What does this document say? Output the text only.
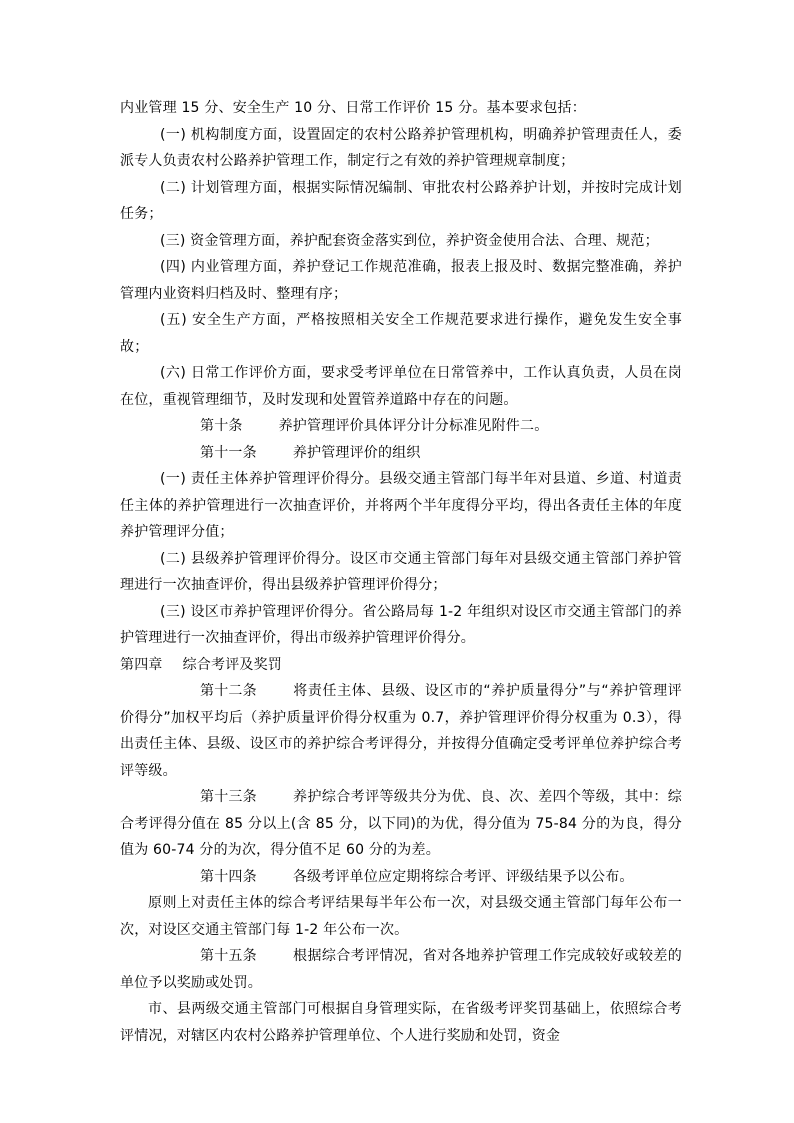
内业管理 15 分、安全生产 10 分、日常工作评价 15 分。基本要求包括：

(一) 机构制度方面，设置固定的农村公路养护管理机构，明确养护管理责任人，委派专人负责农村公路养护管理工作，制定行之有效的养护管理规章制度；

(二) 计划管理方面，根据实际情况编制、审批农村公路养护计划，并按时完成计划任务；

(三) 资金管理方面，养护配套资金落实到位，养护资金使用合法、合理、规范；

(四) 内业管理方面，养护登记工作规范准确，报表上报及时、数据完整准确，养护管理内业资料归档及时、整理有序；

(五) 安全生产方面，严格按照相关安全工作规范要求进行操作，避免发生安全事故；

(六) 日常工作评价方面，要求受考评单位在日常管养中，工作认真负责，人员在岗在位，重视管理细节，及时发现和处置管养道路中存在的问题。

第十条	养护管理评价具体评分计分标准见附件二。

第十一条	养护管理评价的组织

(一) 责任主体养护管理评价得分。县级交通主管部门每半年对县道、乡道、村道责任主体的养护管理进行一次抽查评价，并将两个半年度得分平均，得出各责任主体的年度养护管理评分值；

(二) 县级养护管理评价得分。设区市交通主管部门每年对县级交通主管部门养护管理进行一次抽查评价，得出县级养护管理评价得分；

(三) 设区市养护管理评价得分。省公路局每 1-2 年组织对设区市交通主管部门的养护管理进行一次抽查评价，得出市级养护管理评价得分。

第四章 综合考评及奖罚

第十二条	将责任主体、县级、设区市的“养护质量得分”与“养护管理评价得分”加权平均后（养护质量评价得分权重为 0.7，养护管理评价得分权重为 0.3），得出责任主体、县级、设区市的养护综合考评得分，并按得分值确定受考评单位养护综合考评等级。

第十三条	养护综合考评等级共分为优、良、次、差四个等级，其中：综合考评得分值在 85 分以上(含 85 分，以下同)的为优，得分值为 75-84 分的为良，得分值为 60-74 分的为次，得分值不足 60 分的为差。

第十四条	各级考评单位应定期将综合考评、评级结果予以公布。

原则上对责任主体的综合考评结果每半年公布一次，对县级交通主管部门每年公布一次，对设区交通主管部门每 1-2 年公布一次。

第十五条	根据综合考评情况，省对各地养护管理工作完成较好或较差的单位予以奖励或处罚。

市、县两级交通主管部门可根据自身管理实际，在省级考评奖罚基础上，依照综合考评情况，对辖区内农村公路养护管理单位、个人进行奖励和处罚，资金
